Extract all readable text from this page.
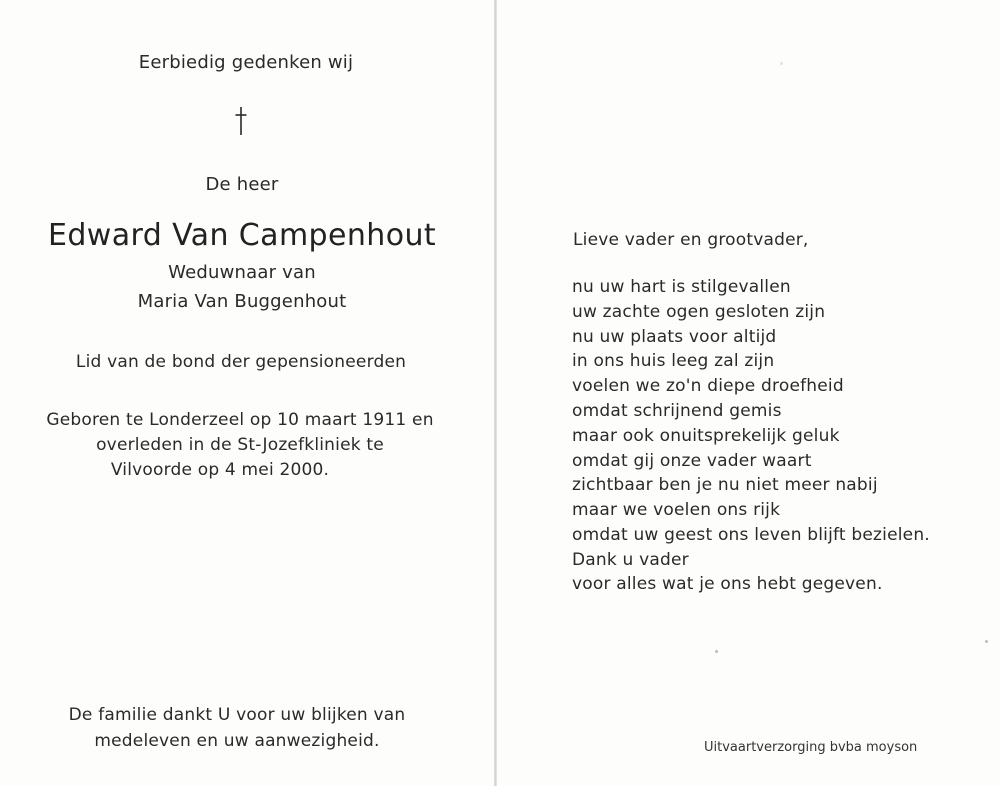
Eerbiedig gedenken wij
De heer
Edward Van Campenhout
Weduwnaar van
Maria Van Buggenhout
Lid van de bond der gepensioneerden
Geboren te Londerzeel op 10 maart 1911 en
overleden in de St-Jozefkliniek te
Vilvoorde op 4 mei 2000.
De familie dankt U voor uw blijken van
medeleven en uw aanwezigheid.
Lieve vader en grootvader,
nu uw hart is stilgevallen
uw zachte ogen gesloten zijn
nu uw plaats voor altijd
in ons huis leeg zal zijn
voelen we zo'n diepe droefheid
omdat schrijnend gemis
maar ook onuitsprekelijk geluk
omdat gij onze vader waart
zichtbaar ben je nu niet meer nabij
maar we voelen ons rijk
omdat uw geest ons leven blijft bezielen.
Dank u vader
voor alles wat je ons hebt gegeven.
Uitvaartverzorging bvba moyson
